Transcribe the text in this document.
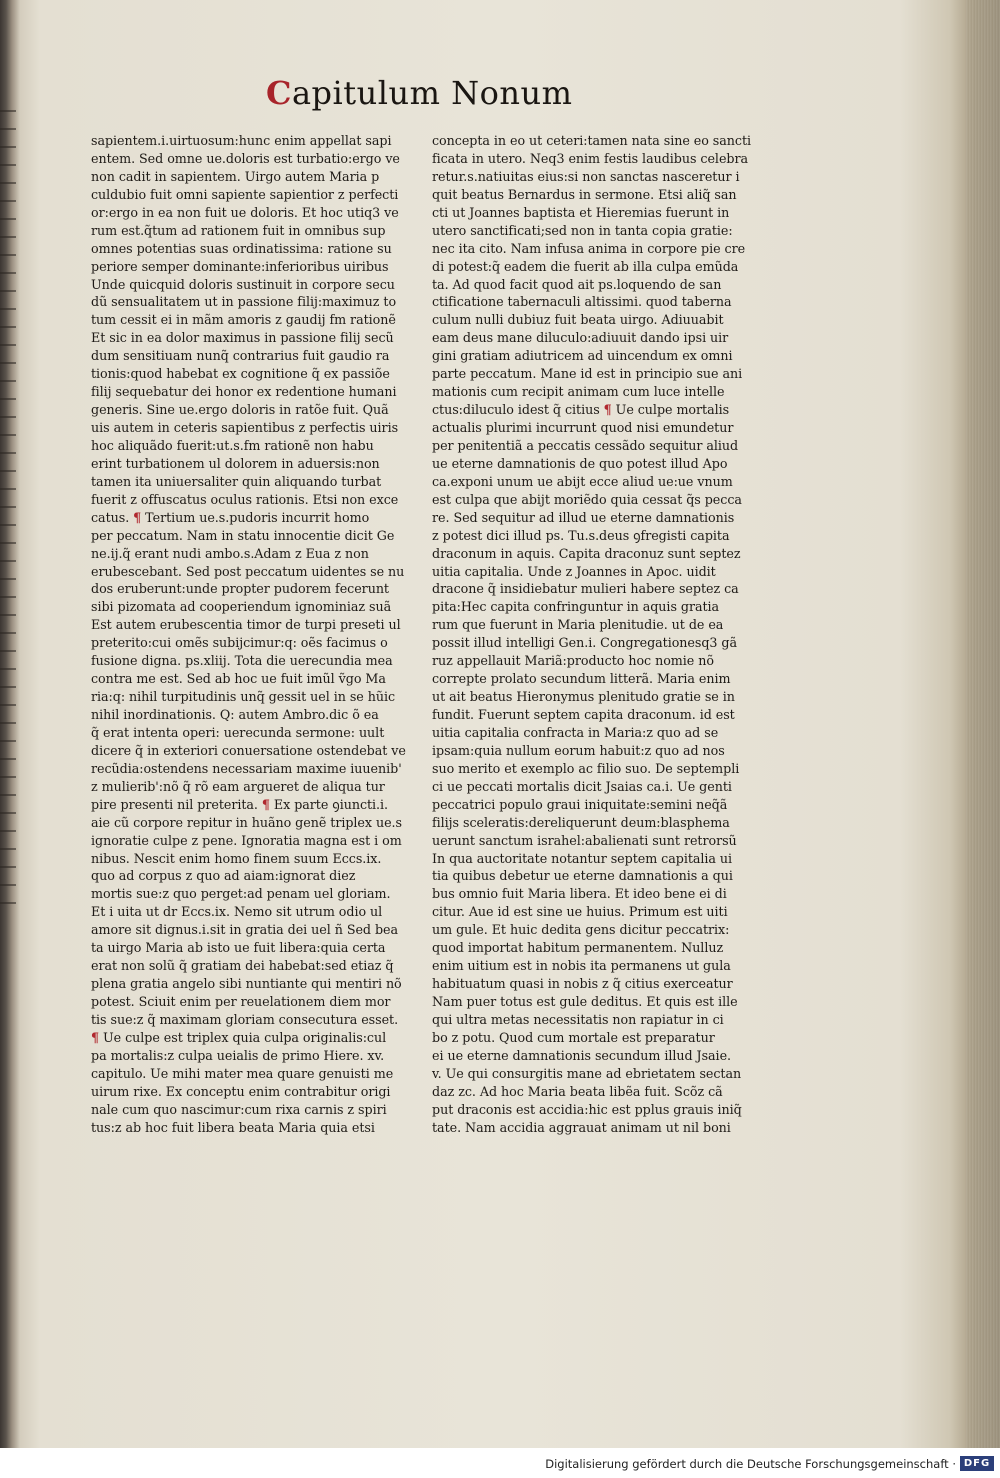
Capitulum Nonum
sapientem.i.uirtuosum:hunc enim appellat sapi
entem. Sed omne ue.doloris est turbatio:ergo ve
non cadit in sapientem. Uirgo autem Maria p
culdubio fuit omni sapiente sapientior z perfecti
or:ergo in ea non fuit ue doloris. Et hoc utiq3 ve
rum est.q̃tum ad rationem fuit in omnibus sup
omnes potentias suas ordinatissima: ratione su
periore semper dominante:inferioribus uiribus
Unde quicquid doloris sustinuit in corpore secu
dũ sensualitatem ut in passione filij:maximuz to
tum cessit ei in mãm amoris z gaudij fm rationẽ
Et sic in ea dolor maximus in passione filij secũ
dum sensitiuam nunq̃ contrarius fuit gaudio ra
tionis:quod habebat ex cognitione q̃ ex passiõe
filij sequebatur dei honor ex redentione humani
generis. Sine ue.ergo doloris in ratõe fuit. Quã
uis autem in ceteris sapientibus z perfectis uiris
hoc aliquãdo fuerit:ut.s.fm rationẽ non habu
erint turbationem ul dolorem in aduersis:non
tamen ita uniuersaliter quin aliquando turbat
fuerit z offuscatus oculus rationis. Etsi non exce
catus. ¶ Tertium ue.s.pudoris incurrit homo
per peccatum. Nam in statu innocentie dicit Ge
ne.ij.q̃ erant nudi ambo.s.Adam z Eua z non
erubescebant. Sed post peccatum uidentes se nu
dos eruberunt:unde propter pudorem fecerunt
sibi pizomata ad cooperiendum ignominiaz suã
Est autem erubescentia timor de turpi preseti ul
preterito:cui omẽs subijcimur:q: oẽs facimus o
fusione digna. ps.xliij. Tota die uerecundia mea
contra me est. Sed ab hoc ue fuit imũl ṽgo Ma
ria:q: nihil turpitudinis unq̃ gessit uel in se hũic
nihil inordinationis. Q: autem Ambro.dic õ ea
q̃ erat intenta operi: uerecunda sermone: uult
dicere q̃ in exteriori conuersatione ostendebat ve
recũdia:ostendens necessariam maxime iuuenib'
z mulierib':nõ q̃ rõ eam argueret de aliqua tur
pire presenti nil preterita. ¶ Ex parte ꝯiuncti.i.
aie cũ corpore repitur in huãno genẽ triplex ue.s
ignoratie culpe z pene. Ignoratia magna est i om
nibus. Nescit enim homo finem suum Eccs.ix.
quo ad corpus z quo ad aiam:ignorat diez
mortis sue:z quo perget:ad penam uel gloriam.
Et i uita ut dr Eccs.ix. Nemo sit utrum odio ul
amore sit dignus.i.sit in gratia dei uel ñ Sed bea
ta uirgo Maria ab isto ue fuit libera:quia certa
erat non solũ q̃ gratiam dei habebat:sed etiaz q̃
plena gratia angelo sibi nuntiante qui mentiri nõ
potest. Sciuit enim per reuelationem diem mor
tis sue:z q̃ maximam gloriam consecutura esset.
¶ Ue culpe est triplex quia culpa originalis:cul
pa mortalis:z culpa ueialis de primo Hiere. xv.
capitulo. Ue mihi mater mea quare genuisti me
uirum rixe. Ex conceptu enim contrabitur origi
nale cum quo nascimur:cum rixa carnis z spiri
tus:z ab hoc fuit libera beata Maria quia etsi
concepta in eo ut ceteri:tamen nata sine eo sancti
ficata in utero. Neq3 enim festis laudibus celebra
retur.s.natiuitas eius:si non sanctas nasceretur i
quit beatus Bernardus in sermone. Etsi aliq̃ san
cti ut Joannes baptista et Hieremias fuerunt in
utero sanctificati;sed non in tanta copia gratie:
nec ita cito. Nam infusa anima in corpore pie cre
di potest:q̃ eadem die fuerit ab illa culpa emũda
ta. Ad quod facit quod ait ps.loquendo de san
ctificatione tabernaculi altissimi. quod taberna
culum nulli dubiuz fuit beata uirgo. Adiuuabit
eam deus mane diluculo:adiuuit dando ipsi uir
gini gratiam adiutricem ad uincendum ex omni
parte peccatum. Mane id est in principio sue ani
mationis cum recipit animam cum luce intelle
ctus:diluculo idest q̃ citius ¶ Ue culpe mortalis
actualis plurimi incurrunt quod nisi emundetur
per penitentiã a peccatis cessãdo sequitur aliud
ue eterne damnationis de quo potest illud Apo
ca.exponi unum ue abijt ecce aliud ue:ue vnum
est culpa que abijt moriẽdo quia cessat q̃s pecca
re. Sed sequitur ad illud ue eterne damnationis
z potest dici illud ps. Tu.s.deus ꝯfregisti capita
draconum in aquis. Capita draconuz sunt septez
uitia capitalia. Unde z Joannes in Apoc. uidit
dracone q̃ insidiebatur mulieri habere septez ca
pita:Hec capita confringuntur in aquis gratia
rum que fuerunt in Maria plenitudie. ut de ea
possit illud intelligi Gen.i. Congregationesq3 gã
ruz appellauit Mariã:producto hoc nomie nõ
correpte prolato secundum litterã. Maria enim
ut ait beatus Hieronymus plenitudo gratie se in
fundit. Fuerunt septem capita draconum. id est
uitia capitalia confracta in Maria:z quo ad se
ipsam:quia nullum eorum habuit:z quo ad nos
suo merito et exemplo ac filio suo. De septempli
ci ue peccati mortalis dicit Jsaias ca.i. Ue genti
peccatrici populo graui iniquitate:semini neq̃ã
filijs sceleratis:dereliquerunt deum:blasphema
uerunt sanctum israhel:abalienati sunt retrorsũ
In qua auctoritate notantur septem capitalia ui
tia quibus debetur ue eterne damnationis a qui
bus omnio fuit Maria libera. Et ideo bene ei di
citur. Aue id est sine ue huius. Primum est uiti
um gule. Et huic dedita gens dicitur peccatrix:
quod importat habitum permanentem. Nulluz
enim uitium est in nobis ita permanens ut gula
habituatum quasi in nobis z q̃ citius exerceatur
Nam puer totus est gule deditus. Et quis est ille
qui ultra metas necessitatis non rapiatur in ci
bo z potu. Quod cum mortale est preparatur
ei ue eterne damnationis secundum illud Jsaie.
v. Ue qui consurgitis mane ad ebrietatem sectan
daz zc. Ad hoc Maria beata libẽa fuit. Scõz cã
put draconis est accidia:hic est pplus grauis iniq̃
tate. Nam accidia aggrauat animam ut nil boni
Digitalisierung gefördert durch die Deutsche Forschungsgemeinschaft · DFG
